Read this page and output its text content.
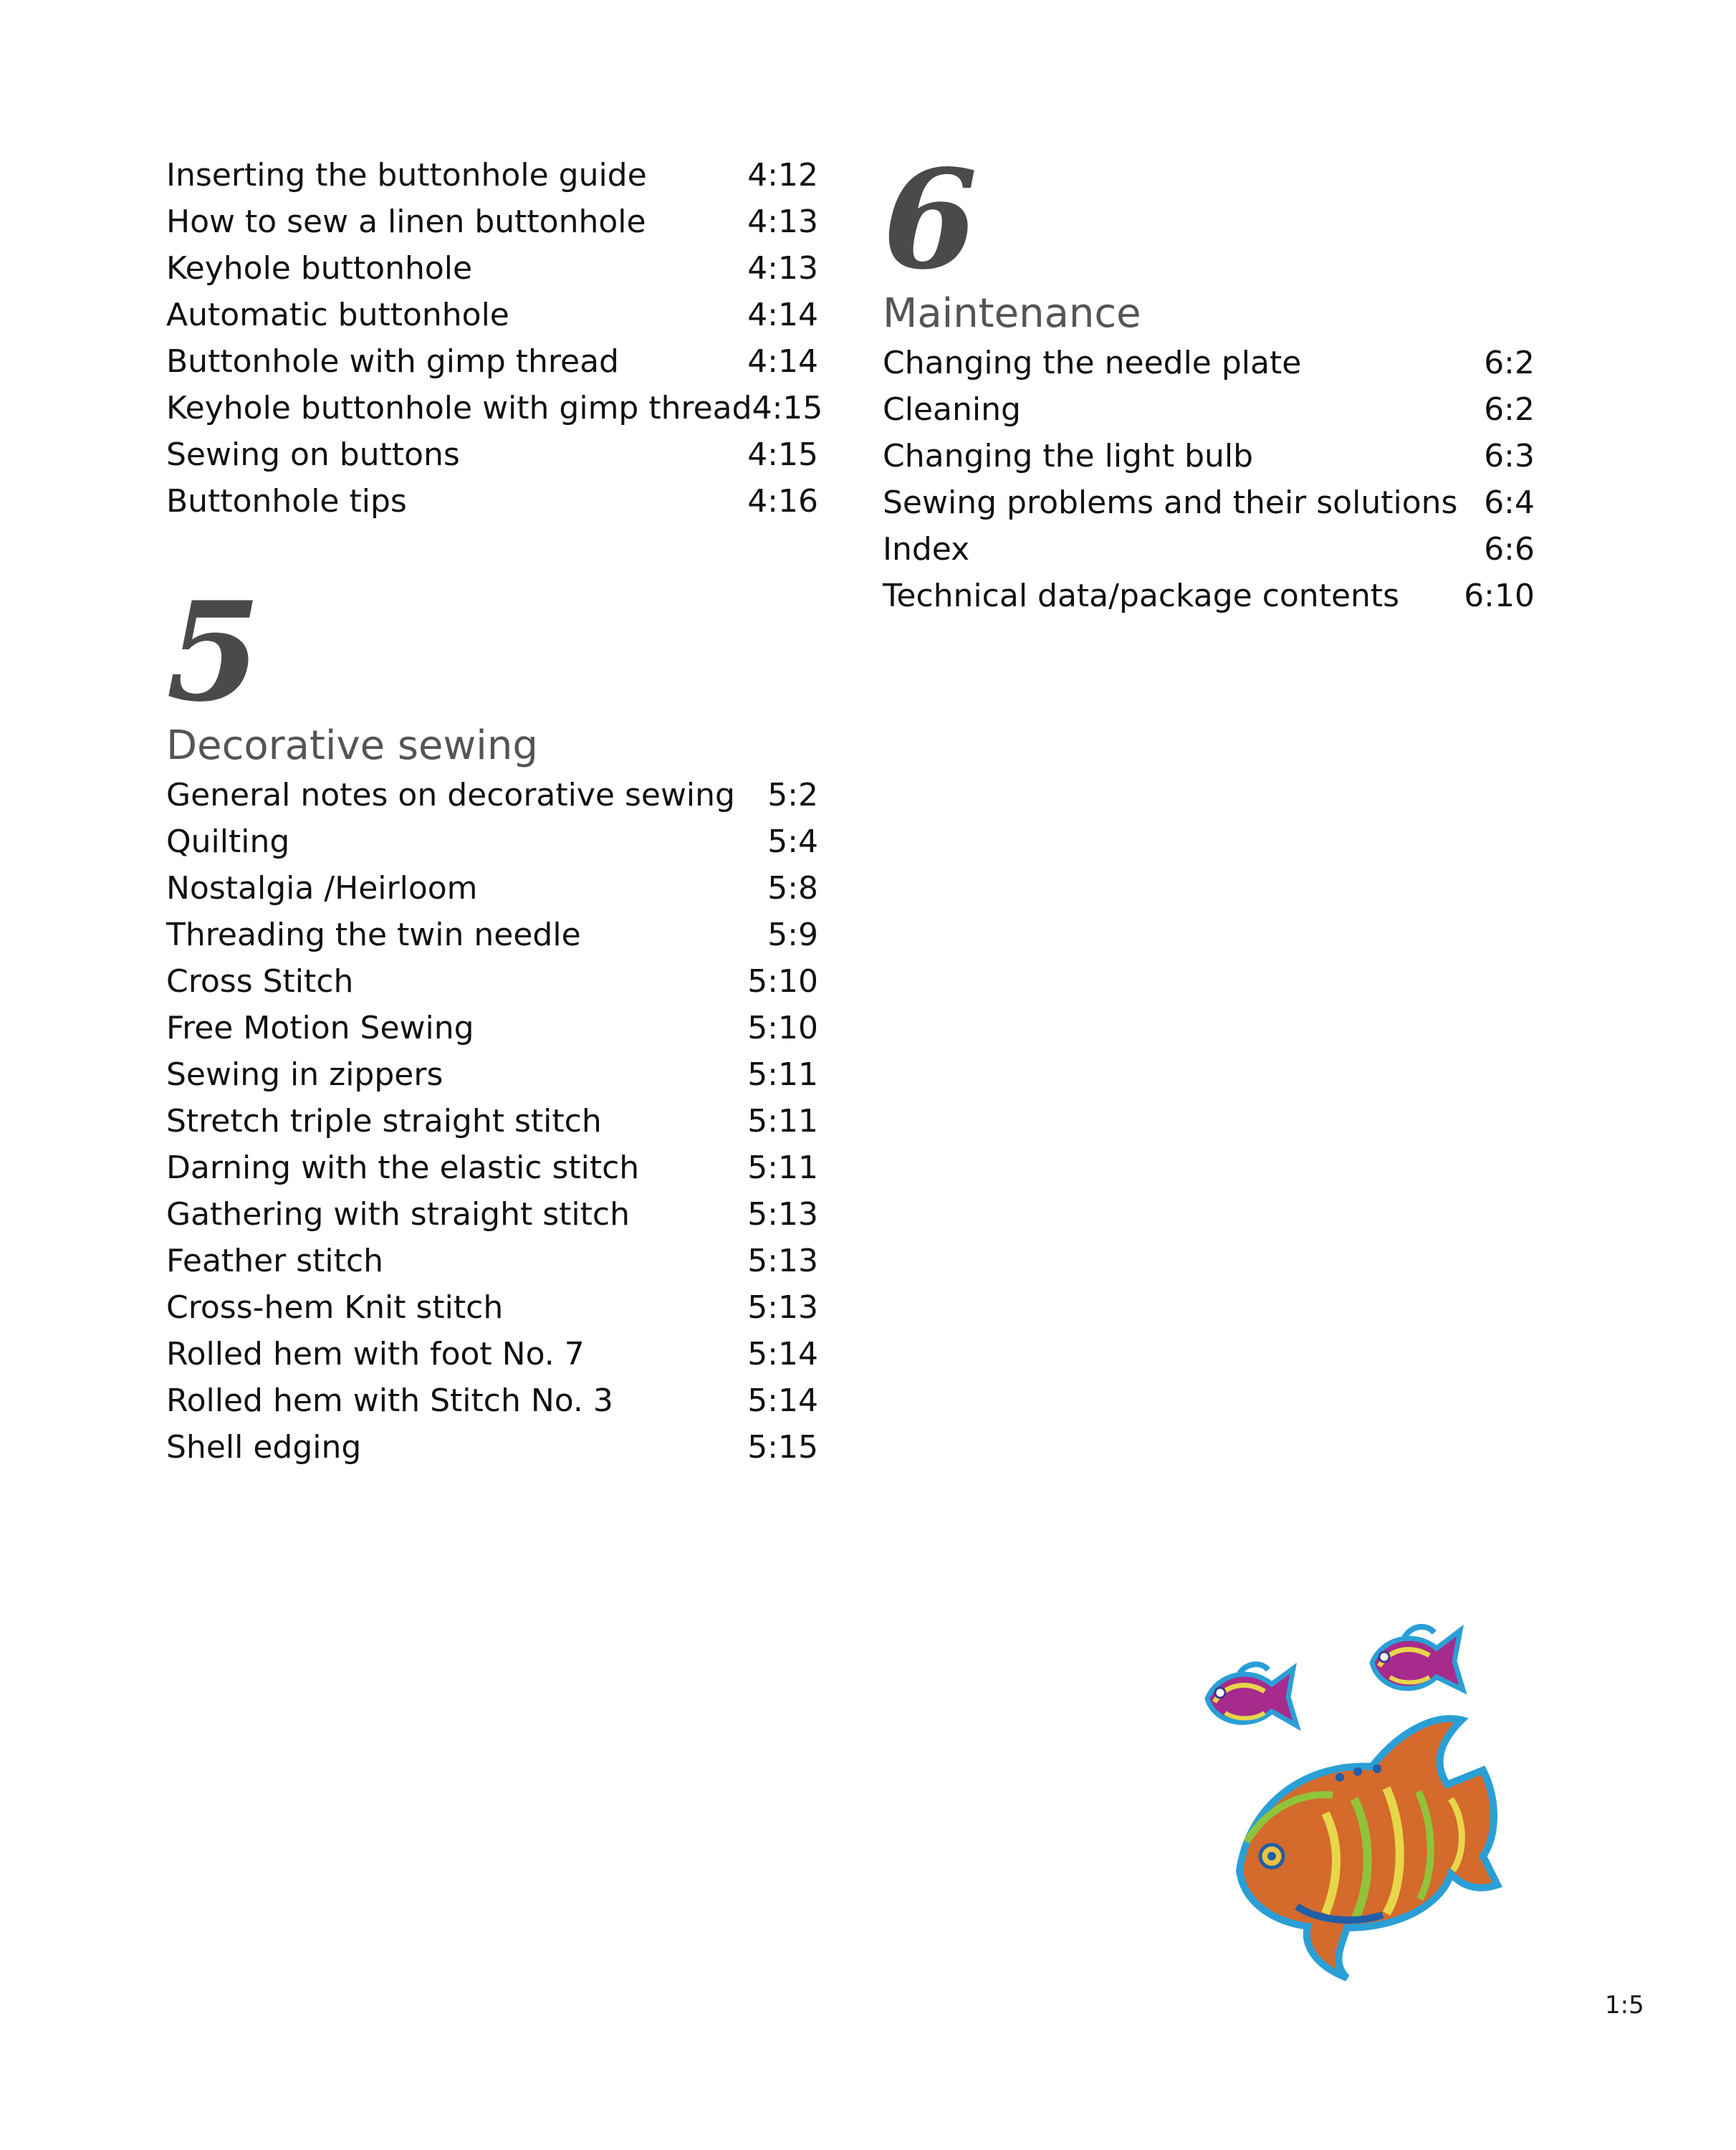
Inserting the buttonhole guide	4:12
How to sew a linen buttonhole	4:13
Keyhole buttonhole	4:13
Automatic buttonhole	4:14
Buttonhole with gimp thread	4:14
Keyhole buttonhole with gimp thread 4:15
Sewing on buttons	4:15
Buttonhole tips	4:16
5
Decorative sewing
General notes on decorative sewing 5:2
Quilting	5:4
Nostalgia /Heirloom	5:8
Threading the twin needle	5:9
Cross Stitch	5:10
Free Motion Sewing	5:10
Sewing in zippers	5:11
Stretch triple straight stitch	5:11
Darning with the elastic stitch	5:11
Gathering with straight stitch	5:13
Feather stitch	5:13
Cross-hem Knit stitch	5:13
Rolled hem with foot No. 7	5:14
Rolled hem with Stitch No. 3	5:14
Shell edging	5:15
6
Maintenance
Changing the needle plate	6:2
Cleaning	6:2
Changing the light bulb	6:3
Sewing problems and their solutions 6:4
Index	6:6
Technical data/package contents 6:10
1:5
